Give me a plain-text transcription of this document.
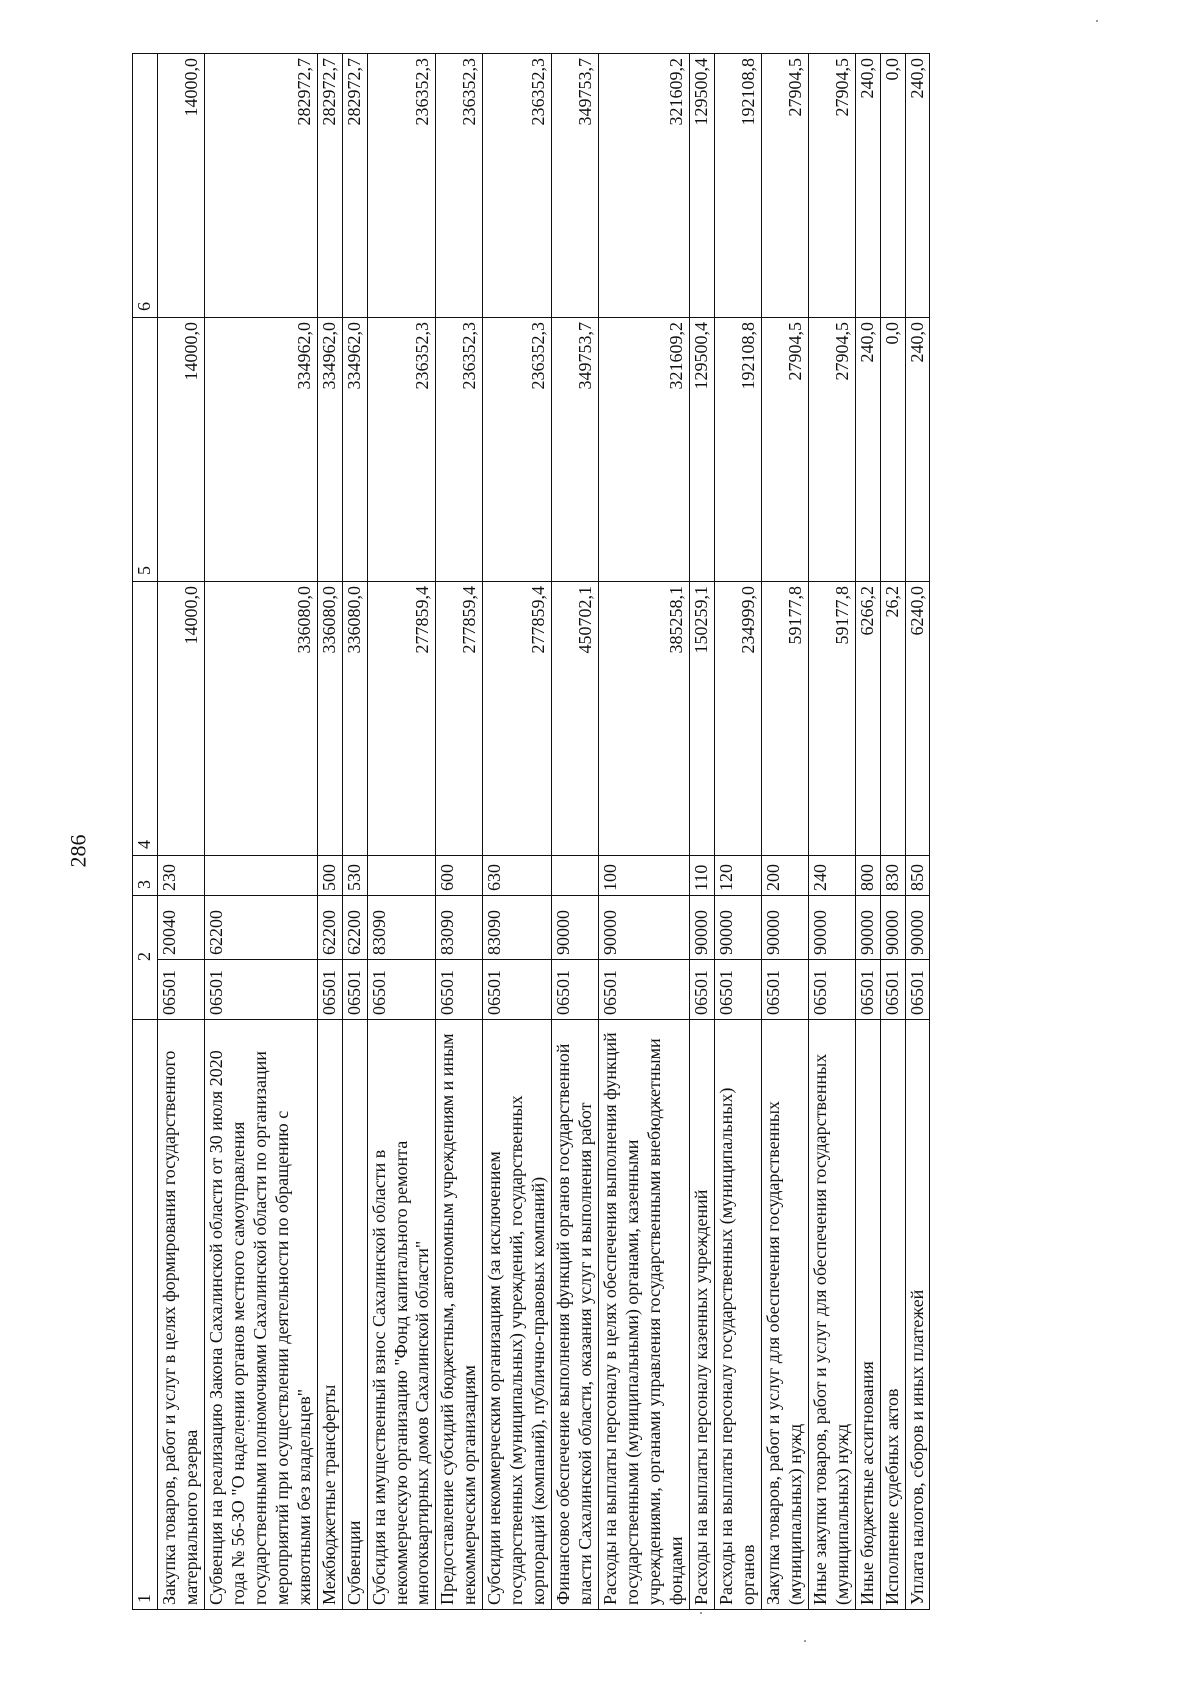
286
1	2		3	4	5	6
Закупка товаров, работ и услуг в целях формирования государственного материального резерва	06501	20040	230	14000,0	14000,0	14000,0
Субвенция на реализацию Закона Сахалинской области от 30 июля 2020 года № 56-ЗО "О наделении органов местного самоуправления государственными полномочиями Сахалинской области по организации мероприятий при осуществлении деятельности по обращению с животными без владельцев"	06501	62200		336080,0	334962,0	282972,7
Межбюджетные трансферты	06501	62200	500	336080,0	334962,0	282972,7
Субвенции	06501	62200	530	336080,0	334962,0	282972,7
Субсидия на имущественный взнос Сахалинской области в некоммерческую организацию "Фонд капитального ремонта многоквартирных домов Сахалинской области"	06501	83090		277859,4	236352,3	236352,3
Предоставление субсидий бюджетным, автономным учреждениям и иным некоммерческим организациям	06501	83090	600	277859,4	236352,3	236352,3
Субсидии некоммерческим организациям (за исключением государственных (муниципальных) учреждений, государственных корпораций (компаний), публично-правовых компаний)	06501	83090	630	277859,4	236352,3	236352,3
Финансовое обеспечение выполнения функций органов государственной власти Сахалинской области, оказания услуг и выполнения работ	06501	90000		450702,1	349753,7	349753,7
Расходы на выплаты персоналу в целях обеспечения выполнения функций государственными (муниципальными) органами, казенными учреждениями, органами управления государственными внебюджетными фондами	06501	90000	100	385258,1	321609,2	321609,2
Расходы на выплаты персоналу казенных учреждений	06501	90000	110	150259,1	129500,4	129500,4
Расходы на выплаты персоналу государственных (муниципальных) органов	06501	90000	120	234999,0	192108,8	192108,8
Закупка товаров, работ и услуг для обеспечения государственных (муниципальных) нужд	06501	90000	200	59177,8	27904,5	27904,5
Иные закупки товаров, работ и услуг для обеспечения государственных (муниципальных) нужд	06501	90000	240	59177,8	27904,5	27904,5
Иные бюджетные ассигнования	06501	90000	800	6266,2	240,0	240,0
Исполнение судебных актов	06501	90000	830	26,2	0,0	0,0
Уплата налогов, сборов и иных платежей	06501	90000	850	6240,0	240,0	240,0
